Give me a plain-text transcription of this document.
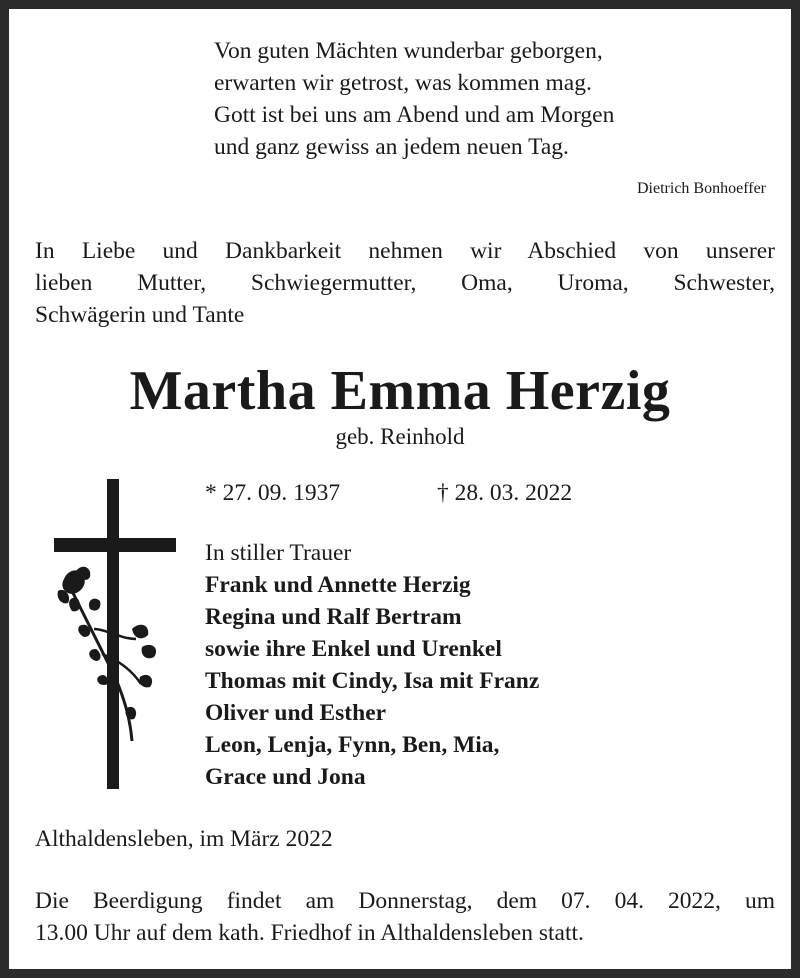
Von guten Mächten wunderbar geborgen,
erwarten wir getrost, was kommen mag.
Gott ist bei uns am Abend und am Morgen
und ganz gewiss an jedem neuen Tag.
Dietrich Bonhoeffer
In Liebe und Dankbarkeit nehmen wir Abschied von unserer
lieben Mutter, Schwiegermutter, Oma, Uroma, Schwester,
Schwägerin und Tante
Martha Emma Herzig
geb. Reinhold
* 27. 09. 1937	† 28. 03. 2022
In stiller Trauer
Frank und Annette Herzig
Regina und Ralf Bertram
sowie ihre Enkel und Urenkel
Thomas mit Cindy, Isa mit Franz
Oliver und Esther
Leon, Lenja, Fynn, Ben, Mia,
Grace und Jona
Althaldensleben, im März 2022
Die Beerdigung findet am Donnerstag, dem 07. 04. 2022, um
13.00 Uhr auf dem kath. Friedhof in Althaldensleben statt.
